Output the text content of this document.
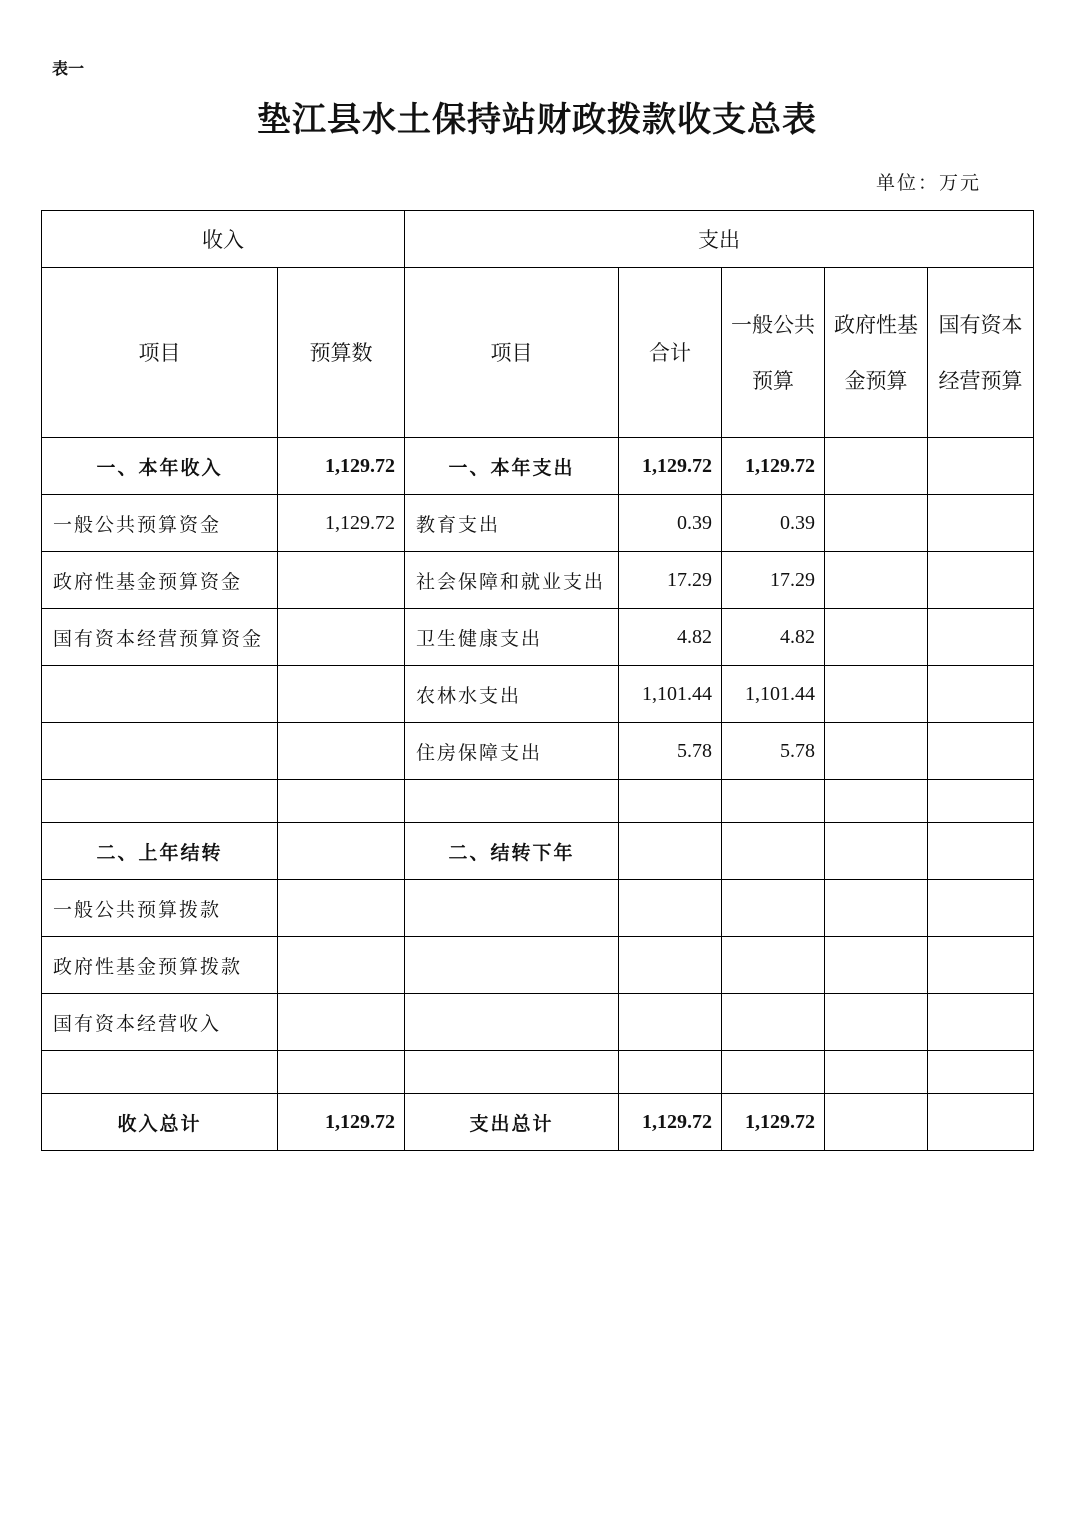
表一
垫江县水土保持站财政拨款收支总表
单位：万元
收入		支出				
项目	预算数	项目	合计	一般公共预算	政府性基金预算	国有资本经营预算
一、本年收入	1,129.72	一、本年支出	1,129.72	1,129.72		
一般公共预算资金	1,129.72	教育支出	0.39	0.39		
政府性基金预算资金		社会保障和就业支出	17.29	17.29		
国有资本经营预算资金		卫生健康支出	4.82	4.82		
		农林水支出	1,101.44	1,101.44		
		住房保障支出	5.78	5.78		

二、上年结转		二、结转下年				
一般公共预算拨款						
政府性基金预算拨款						
国有资本经营收入						

收入总计	1,129.72	支出总计	1,129.72	1,129.72		
